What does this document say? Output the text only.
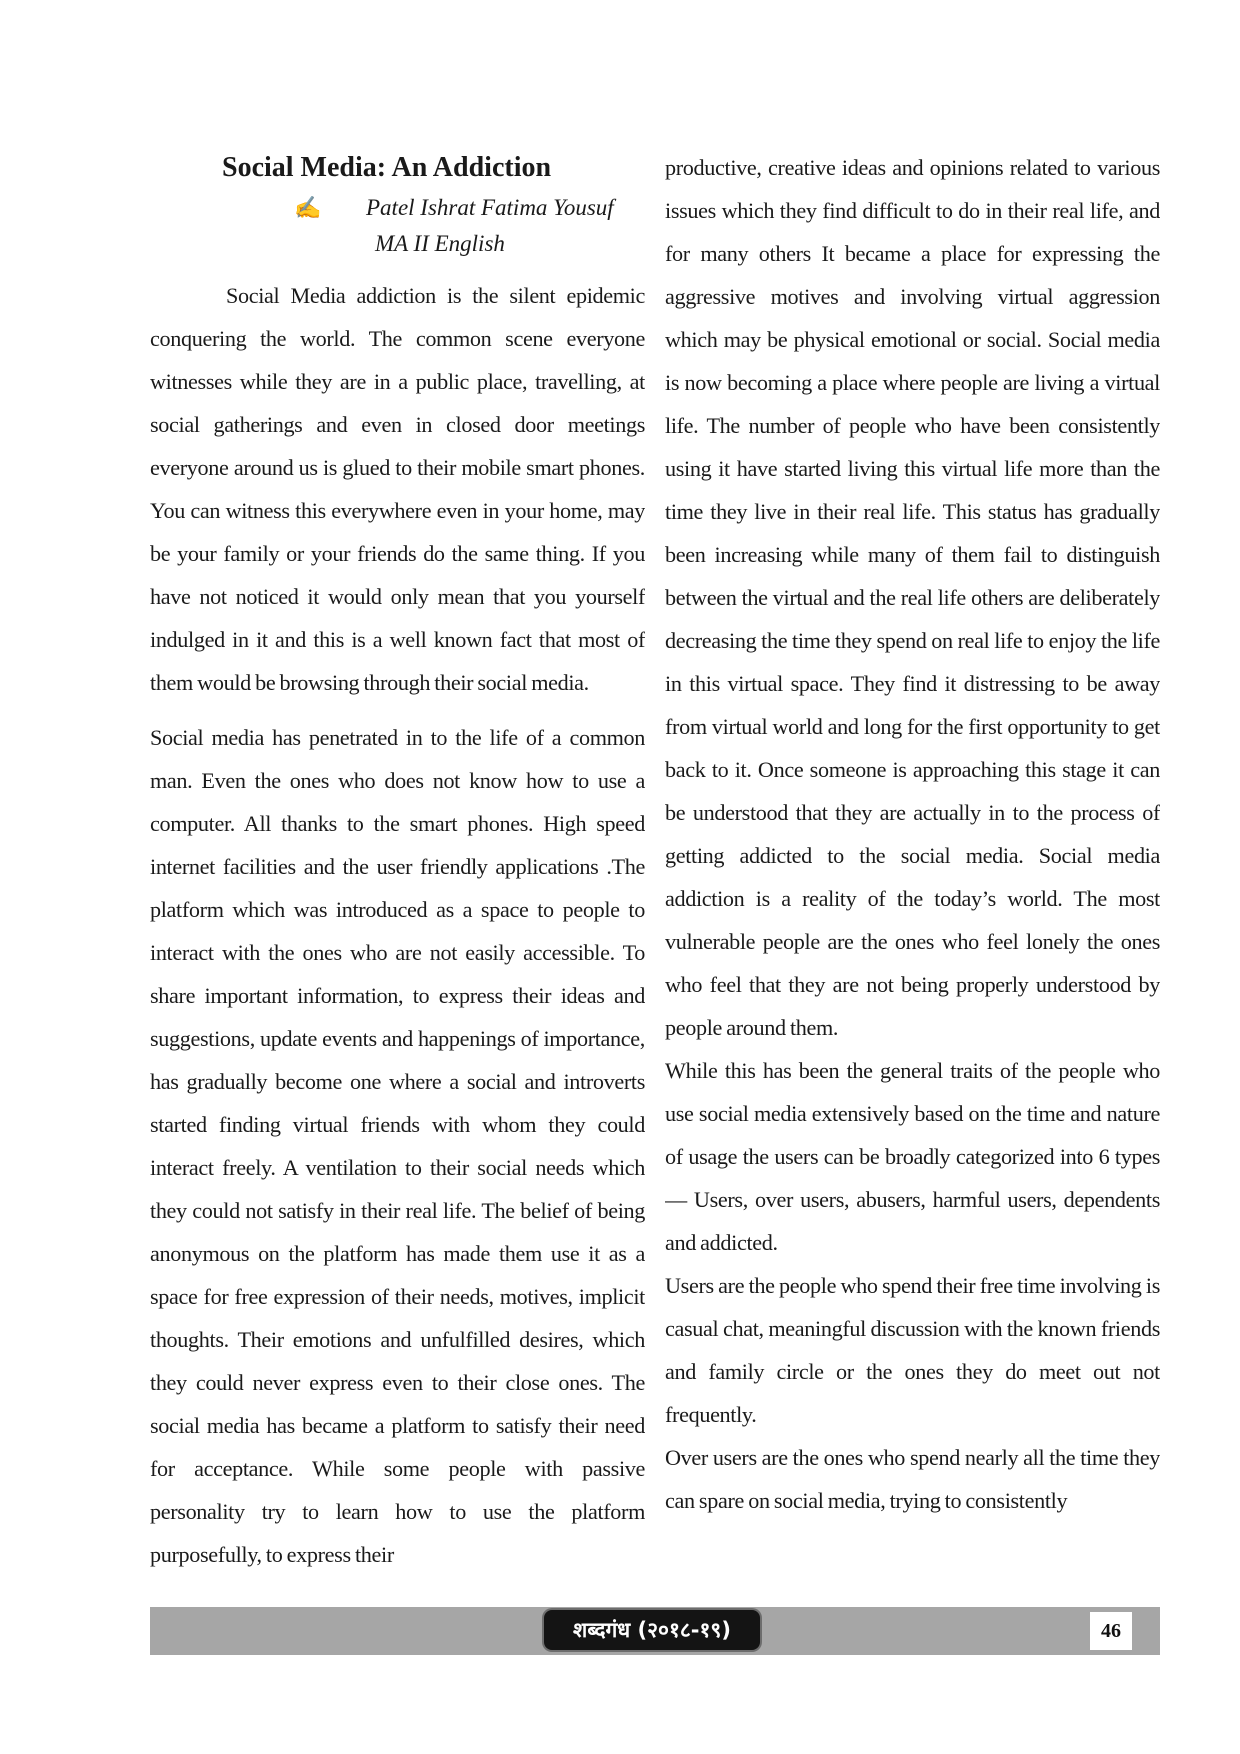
Social Media: An Addiction
✍ Patel Ishrat Fatima Yousuf
MA II English

Social Media addiction is the silent epidemic conquering the world. The common scene everyone witnesses while they are in a public place, travelling, at social gatherings and even in closed door meetings everyone around us is glued to their mobile smart phones. You can witness this everywhere even in your home, may be your family or your friends do the same thing. If you have not noticed it would only mean that you yourself indulged in it and this is a well known fact that most of them would be browsing through their social media.

Social media has penetrated in to the life of a common man. Even the ones who does not know how to use a computer. All thanks to the smart phones. High speed internet facilities and the user friendly applications .The platform which was introduced as a space to people to interact with the ones who are not easily accessible. To share important information, to express their ideas and suggestions, update events and happenings of importance, has gradually become one where a social and introverts started finding virtual friends with whom they could interact freely. A ventilation to their social needs which they could not satisfy in their real life. The belief of being anonymous on the platform has made them use it as a space for free expression of their needs, motives, implicit thoughts. Their emotions and unfulfilled desires, which they could never express even to their close ones. The social media has became a platform to satisfy their need for acceptance. While some people with passive personality try to learn how to use the platform purposefully, to express their

productive, creative ideas and opinions related to various issues which they find difficult to do in their real life, and for many others It became a place for expressing the aggressive motives and involving virtual aggression which may be physical emotional or social. Social media is now becoming a place where people are living a virtual life. The number of people who have been consistently using it have started living this virtual life more than the time they live in their real life. This status has gradually been increasing while many of them fail to distinguish between the virtual and the real life others are deliberately decreasing the time they spend on real life to enjoy the life in this virtual space. They find it distressing to be away from virtual world and long for the first opportunity to get back to it. Once someone is approaching this stage it can be understood that they are actually in to the process of getting addicted to the social media. Social media addiction is a reality of the today’s world. The most vulnerable people are the ones who feel lonely the ones who feel that they are not being properly understood by people around them.

While this has been the general traits of the people who use social media extensively based on the time and nature of usage the users can be broadly categorized into 6 types— Users, over users, abusers, harmful users, dependents and addicted.

Users are the people who spend their free time involving is casual chat, meaningful discussion with the known friends and family circle or the ones they do meet out not frequently.

Over users are the ones who spend nearly all the time they can spare on social media, trying to consistently

शब्दगंध (२०१८-१९)	46
